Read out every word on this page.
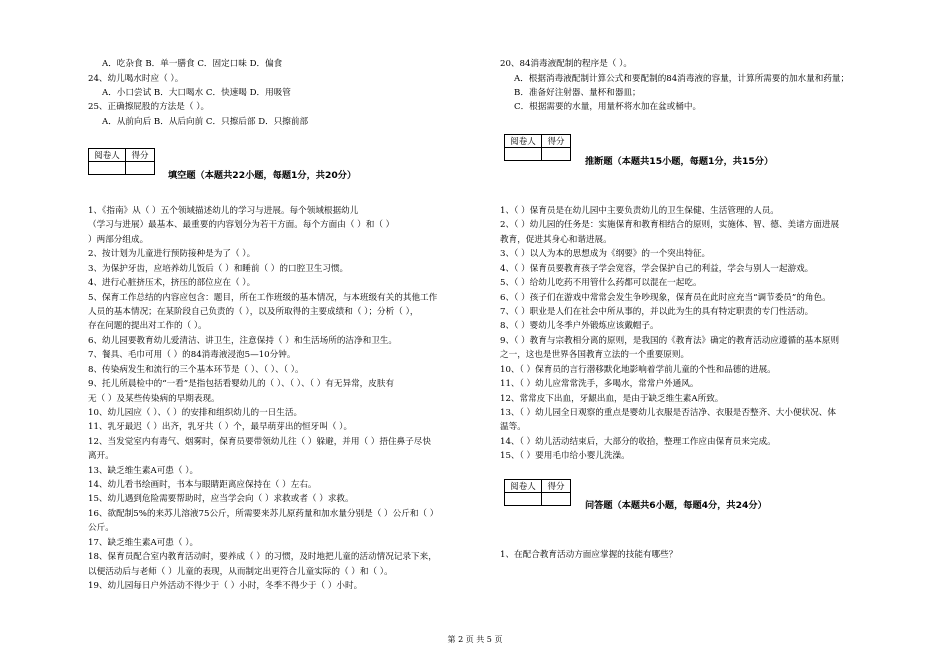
A．吃杂食 B．单一膳食 C．固定口味 D．偏食
24、幼儿喝水时应（ ）。
A．小口尝试 B．大口喝水 C．快速喝 D．用吸管
25、正确擦屁股的方法是（ ）。
A．从前向后 B．从后向前 C．只擦后部 D．只擦前部
阅卷人	得分

填空题（本题共22小题，每题1分，共20分）
1、《指南》从（ ）五个领域描述幼儿的学习与进展。每个领域根据幼儿
（学习与进展）最基本、最重要的内容划分为若干方面。每个方面由（ ）和（ ）
）两部分组成。
2、按计划为儿童进行预防接种是为了（ ）。
3、为保护牙齿，应培养幼儿饭后（ ）和睡前（ ）的口腔卫生习惯。
4、进行心脏挤压术，挤压的部位应在（ ）。
5、保育工作总结的内容应包含：题目，所在工作班级的基本情况，与本班级有关的其他工作
人员的基本情况；在某阶段自己负责的（ ），以及所取得的主要成绩和（ ）；分析（ ），
存在问题的提出对工作的（ ）。
6、幼儿园要教育幼儿爱清洁、讲卫生，注意保持（ ）和生活场所的洁净和卫生。
7、餐具、毛巾可用（ ）的84消毒液浸泡5—10分钟。
8、传染病发生和流行的三个基本环节是（ ）、（ ）、（ ）。
9、托儿所晨检中的“一看”是指包括看婴幼儿的（ ）、（ ）、（ ）有无异常，皮肤有
无（ ）及某些传染病的早期表现。
10、幼儿园应（ ）、（ ）的安排和组织幼儿的一日生活。
11、乳牙最迟（ ）出齐，乳牙共（ ）个，最早萌芽出的恒牙叫（ ）。
12、当发觉室内有毒气、烟雾时，保育员要带领幼儿往（ ）躲避，并用（ ）捂住鼻子尽快
离开。
13、缺乏维生素A可患（ ）。
14、幼儿看书绘画时，书本与眼睛距离应保持在（ ）左右。
15、幼儿遇到危险需要帮助时，应当学会向（ ）求救或者（ ）求救。
16、欲配制5%的来苏儿溶液75公斤，所需要来苏儿原药量和加水量分别是（ ）公斤和（ ）
公斤。
17、缺乏维生素A可患（ ）。
18、保育员配合室内教育活动时，要养成（ ）的习惯，及时地把儿童的活动情况记录下来，
以便活动后与老师（ ）儿童的表现，从而制定出更符合儿童实际的（ ）和（ ）。
19、幼儿园每日户外活动不得少于（ ）小时，冬季不得少于（ ）小时。
20、84消毒液配制的程序是（ ）。
A．根据消毒液配制计算公式和要配制的84消毒液的容量，计算所需要的加水量和药量；
B．准备好注射器、量杯和器皿；
C．根据需要的水量，用量杯将水加在盆或桶中。
阅卷人	得分

推断题（本题共15小题，每题1分，共15分）
1、（ ）保育员是在幼儿园中主要负责幼儿的卫生保健、生活管理的人员。
2、（ ）幼儿园的任务是：实施保育和教育相结合的原则，实施体、智、德、美诸方面进展
教育，促进其身心和谐进展。
3、（ ）以人为本的思想成为《纲要》的一个突出特征。
4、（ ）保育员要教育孩子学会宽容，学会保护自己的利益，学会与别人一起游戏。
5、（ ）给幼儿吃药不用管什么药都可以混在一起吃。
6、（ ）孩子们在游戏中常常会发生争吵现象，保育员在此时应充当“调节委员”的角色。
7、（ ）职业是人们在社会中所从事的，并以此为生的具有特定职责的专门性活动。
8、（ ）婴幼儿冬季户外锻炼应该戴帽子。
9、（ ）教育与宗教相分离的原则，是我国的《教育法》确定的教育活动应遵循的基本原则
之一，这也是世界各国教育立法的一个重要原则。
10、（ ）保育员的言行潜移默化地影响着学前儿童的个性和品德的进展。
11、（ ）幼儿应常常洗手，多喝水，常常户外通风。
12、常常皮下出血，牙龈出血，是由于缺乏维生素A所致。
13、（ ）幼儿园全日观察的重点是婴幼儿衣服是否洁净、衣服是否整齐、大小便状况、体
温等。
14、（ ）幼儿活动结束后，大部分的收拾，整理工作应由保育员来完成。
15、（ ）要用毛巾给小婴儿洗澡。
阅卷人	得分

问答题（本题共6小题，每题4分，共24分）
1、在配合教育活动方面应掌握的技能有哪些？
第 2 页 共 5 页
